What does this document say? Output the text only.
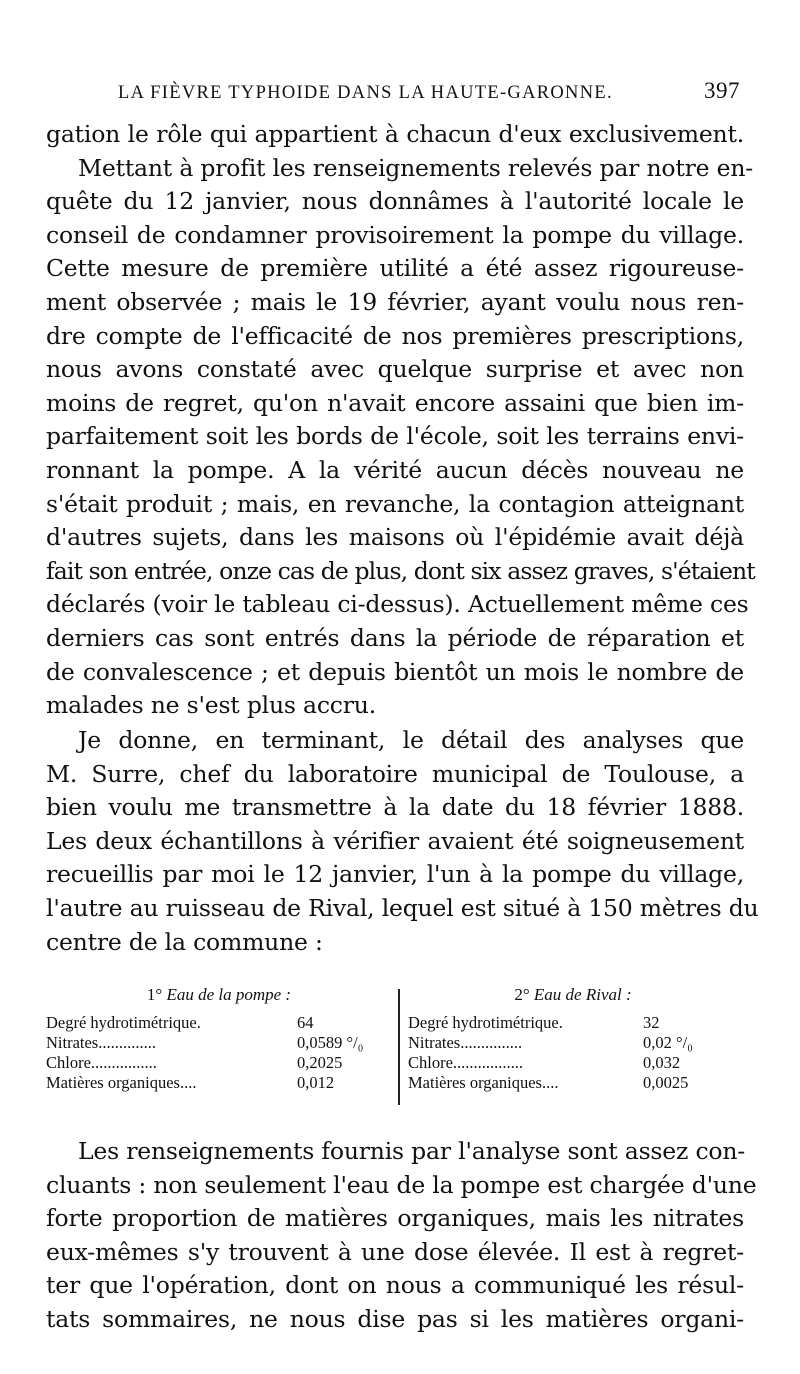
LA FIÈVRE TYPHOIDE DANS LA HAUTE-GARONNE.	397

gation le rôle qui appartient à chacun d'eux exclusivement.
Mettant à profit les renseignements relevés par notre en-
quête du 12 janvier, nous donnâmes à l'autorité locale le
conseil de condamner provisoirement la pompe du village.
Cette mesure de première utilité a été assez rigoureuse-
ment observée ; mais le 19 février, ayant voulu nous ren-
dre compte de l'efficacité de nos premières prescriptions,
nous avons constaté avec quelque surprise et avec non
moins de regret, qu'on n'avait encore assaini que bien im-
parfaitement soit les bords de l'école, soit les terrains envi-
ronnant la pompe. A la vérité aucun décès nouveau ne
s'était produit ; mais, en revanche, la contagion atteignant
d'autres sujets, dans les maisons où l'épidémie avait déjà
fait son entrée, onze cas de plus, dont six assez graves, s'étaient
déclarés (voir le tableau ci-dessus). Actuellement même ces
derniers cas sont entrés dans la période de réparation et
de convalescence ; et depuis bientôt un mois le nombre de
malades ne s'est plus accru.

Je donne, en terminant, le détail des analyses que
M. Surre, chef du laboratoire municipal de Toulouse, a
bien voulu me transmettre à la date du 18 février 1888.
Les deux échantillons à vérifier avaient été soigneusement
recueillis par moi le 12 janvier, l'un à la pompe du village,
l'autre au ruisseau de Rival, lequel est situé à 150 mètres du
centre de la commune :

1° Eau de la pompe :
Degré hydrotimétrique.	64
Nitrates..............	0,0589 °/₀
Chlore................	0,2025
Matières organiques....	0,012
2° Eau de Rival :
Degré hydrotimétrique.	32
Nitrates...............	0,02 °/₀
Chlore.................	0,032
Matières organiques....	0,0025

Les renseignements fournis par l'analyse sont assez con-
cluants : non seulement l'eau de la pompe est chargée d'une
forte proportion de matières organiques, mais les nitrates
eux-mêmes s'y trouvent à une dose élevée. Il est à regret-
ter que l'opération, dont on nous a communiqué les résul-
tats sommaires, ne nous dise pas si les matières organi-
